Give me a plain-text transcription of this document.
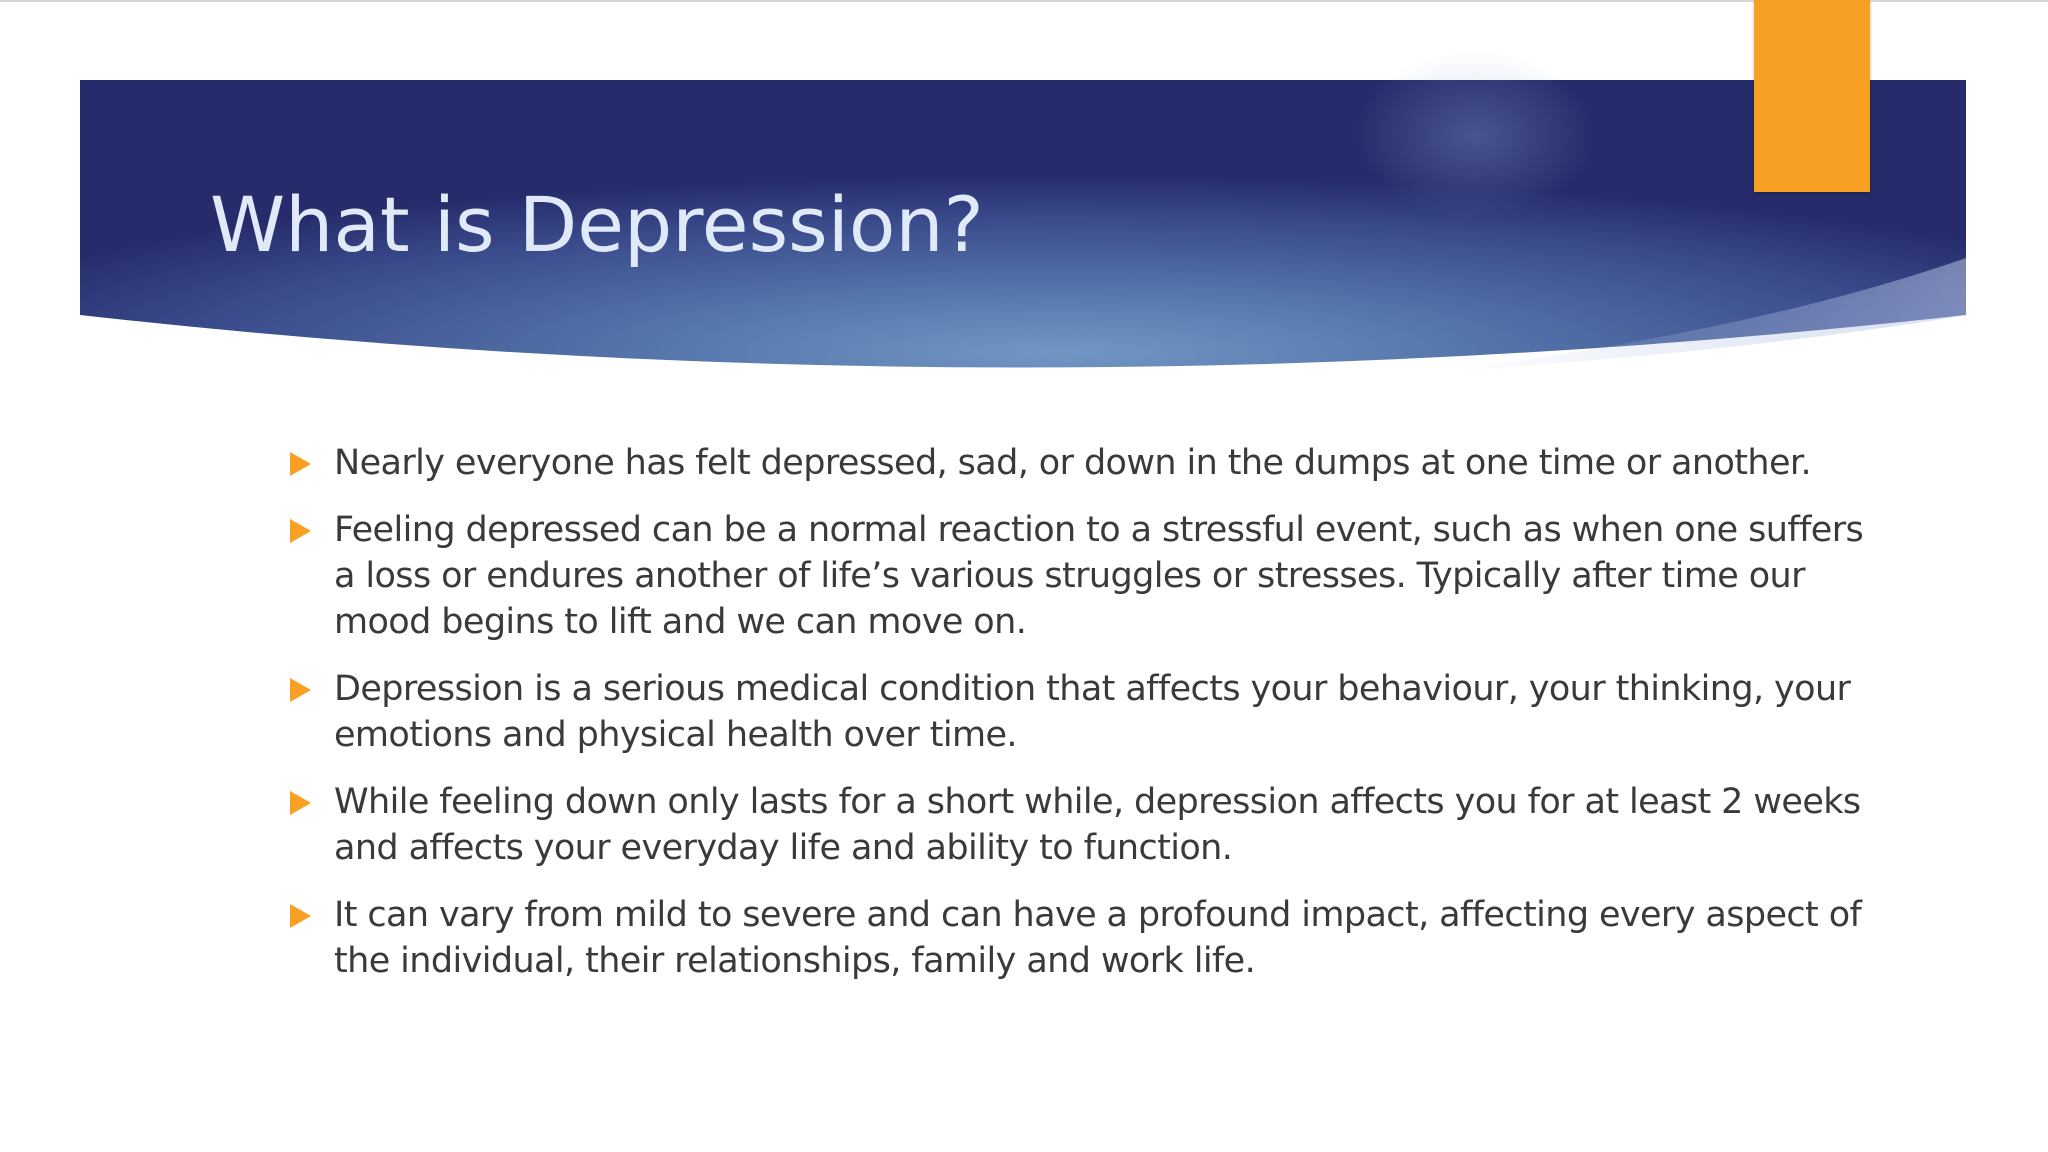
What is Depression?
Nearly everyone has felt depressed, sad, or down in the dumps at one time or another.
Feeling depressed can be a normal reaction to a stressful event, such as when one suffers a loss or endures another of life’s various struggles or stresses. Typically after time our mood begins to lift and we can move on.
Depression is a serious medical condition that affects your behaviour, your thinking, your emotions and physical health over time.
While feeling down only lasts for a short while, depression affects you for at least 2 weeks and affects your everyday life and ability to function.
It can vary from mild to severe and can have a profound impact, affecting every aspect of the individual, their relationships, family and work life.
